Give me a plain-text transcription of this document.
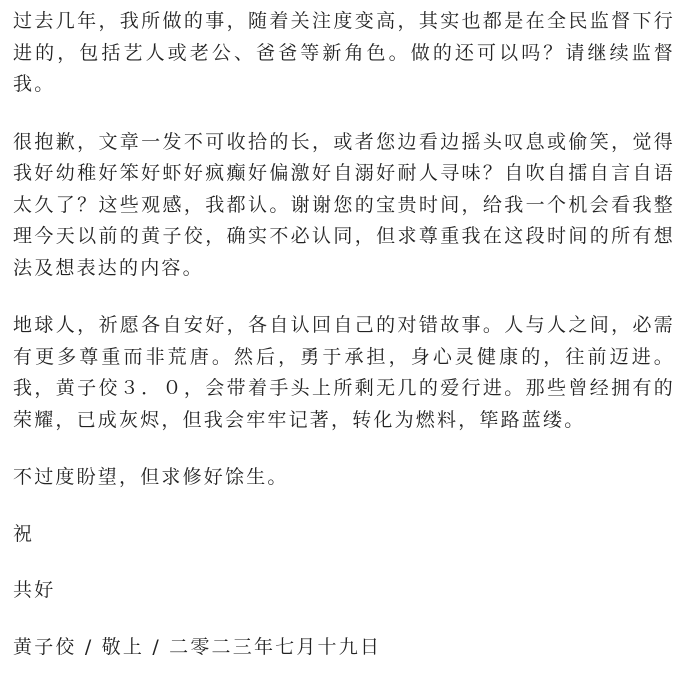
过去几年，我所做的事，随着关注度变高，其实也都是在全民监督下行进的，包括艺人或老公、爸爸等新角色。做的还可以吗？请继续监督我。

很抱歉，文章一发不可收拾的长，或者您边看边摇头叹息或偷笑，觉得我好幼稚好笨好虾好疯癫好偏激好自溺好耐人寻味？自吹自擂自言自语太久了？这些观感，我都认。谢谢您的宝贵时间，给我一个机会看我整理今天以前的黄子佼，确实不必认同，但求尊重我在这段时间的所有想法及想表达的内容。

地球人，祈愿各自安好，各自认回自己的对错故事。人与人之间，必需有更多尊重而非荒唐。然后，勇于承担，身心灵健康的，往前迈进。我，黄子佼３．０，会带着手头上所剩无几的爱行进。那些曾经拥有的荣耀，已成灰烬，但我会牢牢记著，转化为燃料，筚路蓝缕。

不过度盼望，但求修好馀生。

祝

共好

黄子佼 / 敬上 / 二零二三年七月十九日
